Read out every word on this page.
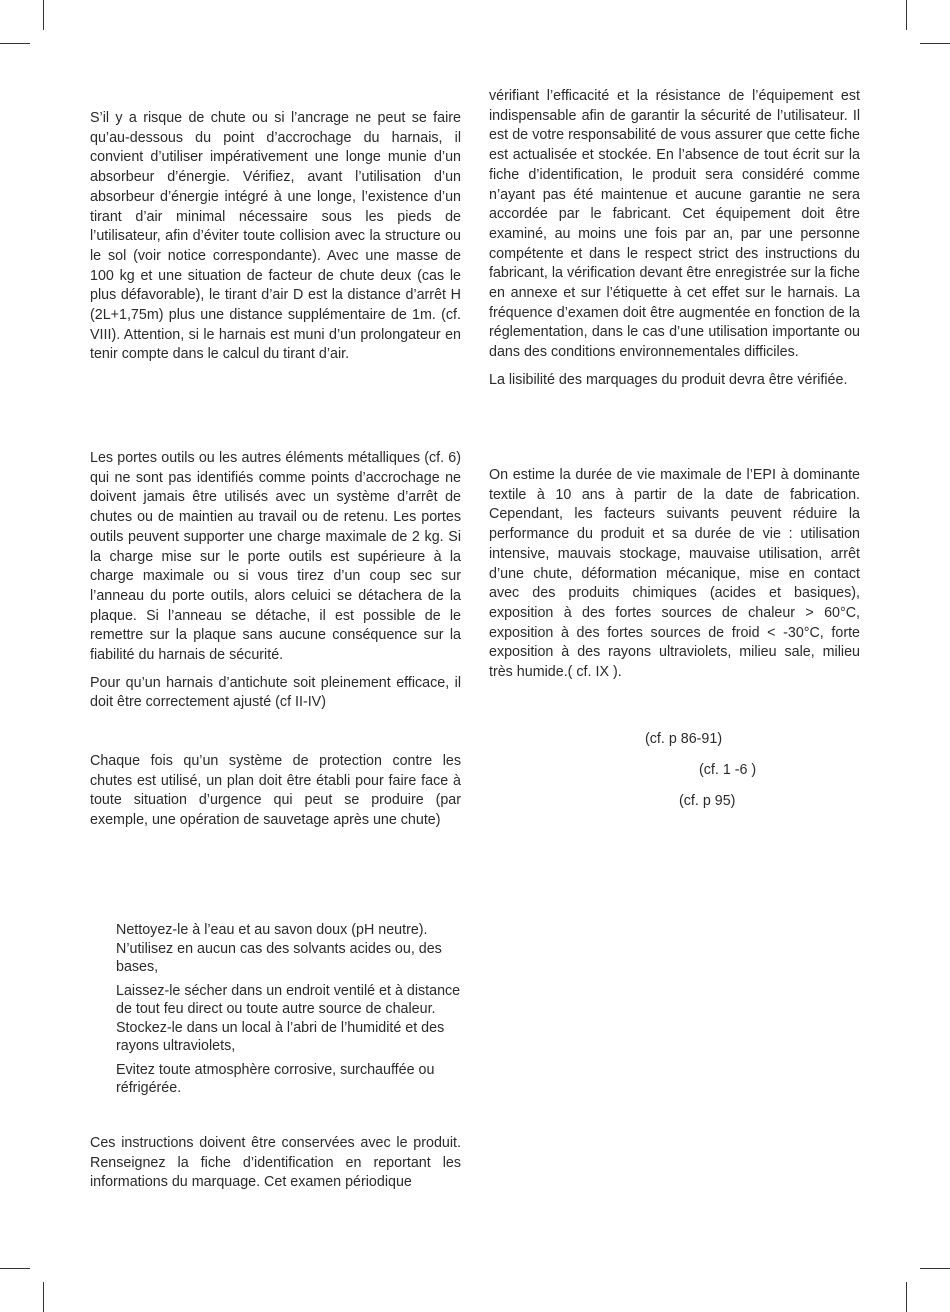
S’il y a risque de chute ou si l’ancrage ne peut se faire qu’au-dessous du point d’accrochage du harnais, il convient d’utiliser impérativement une longe munie d’un absorbeur d’énergie. Vérifiez, avant l’utilisation d’un absorbeur d’énergie intégré à une longe, l’existence d’un tirant d’air minimal nécessaire sous les pieds de l’utilisateur, afin d’éviter toute collision avec la structure ou le sol (voir notice correspondante). Avec une masse de 100 kg et une situation de facteur de chute deux (cas le plus défavorable), le tirant d’air D est la distance d’arrêt H (2L+1,75m) plus une distance supplémentaire de 1m. (cf. VIII). Attention, si le harnais est muni d’un prolongateur en tenir compte dans le calcul du tirant d’air.

Les portes outils ou les autres éléments métalliques (cf. 6) qui ne sont pas identifiés comme points d’accrochage ne doivent jamais être utilisés avec un système d’arrêt de chutes ou de maintien au travail ou de retenu. Les portes outils peuvent supporter une charge maximale de 2 kg. Si la charge mise sur le porte outils est supérieure à la charge maximale ou si vous tirez d’un coup sec sur l’anneau du porte outils, alors celuici se détachera de la plaque. Si l’anneau se détache, il est possible de le remettre sur la plaque sans aucune conséquence sur la fiabilité du harnais de sécurité.

Pour qu’un harnais d’antichute soit pleinement efficace, il doit être correctement ajusté (cf II-IV)

Chaque fois qu’un système de protection contre les chutes est utilisé, un plan doit être établi pour faire face à toute situation d’urgence qui peut se produire (par exemple, une opération de sauvetage après une chute)

Nettoyez-le à l’eau et au savon doux (pH neutre). N’utilisez en aucun cas des solvants acides ou, des bases,
Laissez-le sécher dans un endroit ventilé et à distance de tout feu direct ou toute autre source de chaleur. Stockez-le dans un local à l’abri de l’humidité et des rayons ultraviolets,
Evitez toute atmosphère corrosive, surchauffée ou réfrigérée.

Ces instructions doivent être conservées avec le produit. Renseignez la fiche d’identification en reportant les informations du marquage. Cet examen périodique

vérifiant l’efficacité et la résistance de l’équipement est indispensable afin de garantir la sécurité de l’utilisateur. Il est de votre responsabilité de vous assurer que cette fiche est actualisée et stockée. En l’absence de tout écrit sur la fiche d’identification, le produit sera considéré comme n’ayant pas été maintenue et aucune garantie ne sera accordée par le fabricant. Cet équipement doit être examiné, au moins une fois par an, par une personne compétente et dans le respect strict des instructions du fabricant, la vérification devant être enregistrée sur la fiche en annexe et sur l’étiquette à cet effet sur le harnais. La fréquence d’examen doit être augmentée en fonction de la réglementation, dans le cas d’une utilisation importante ou dans des conditions environnementales difficiles.

La lisibilité des marquages du produit devra être vérifiée.

On estime la durée de vie maximale de l’EPI à dominante textile à 10 ans à partir de la date de fabrication. Cependant, les facteurs suivants peuvent réduire la performance du produit et sa durée de vie : utilisation intensive, mauvais stockage, mauvaise utilisation, arrêt d’une chute, déformation mécanique, mise en contact avec des produits chimiques (acides et basiques), exposition à des fortes sources de chaleur > 60°C, exposition à des fortes sources de froid < -30°C, forte exposition à des rayons ultraviolets, milieu sale, milieu très humide.( cf. IX ).

(cf. p 86-91)
(cf. 1 -6 )
(cf. p 95)
